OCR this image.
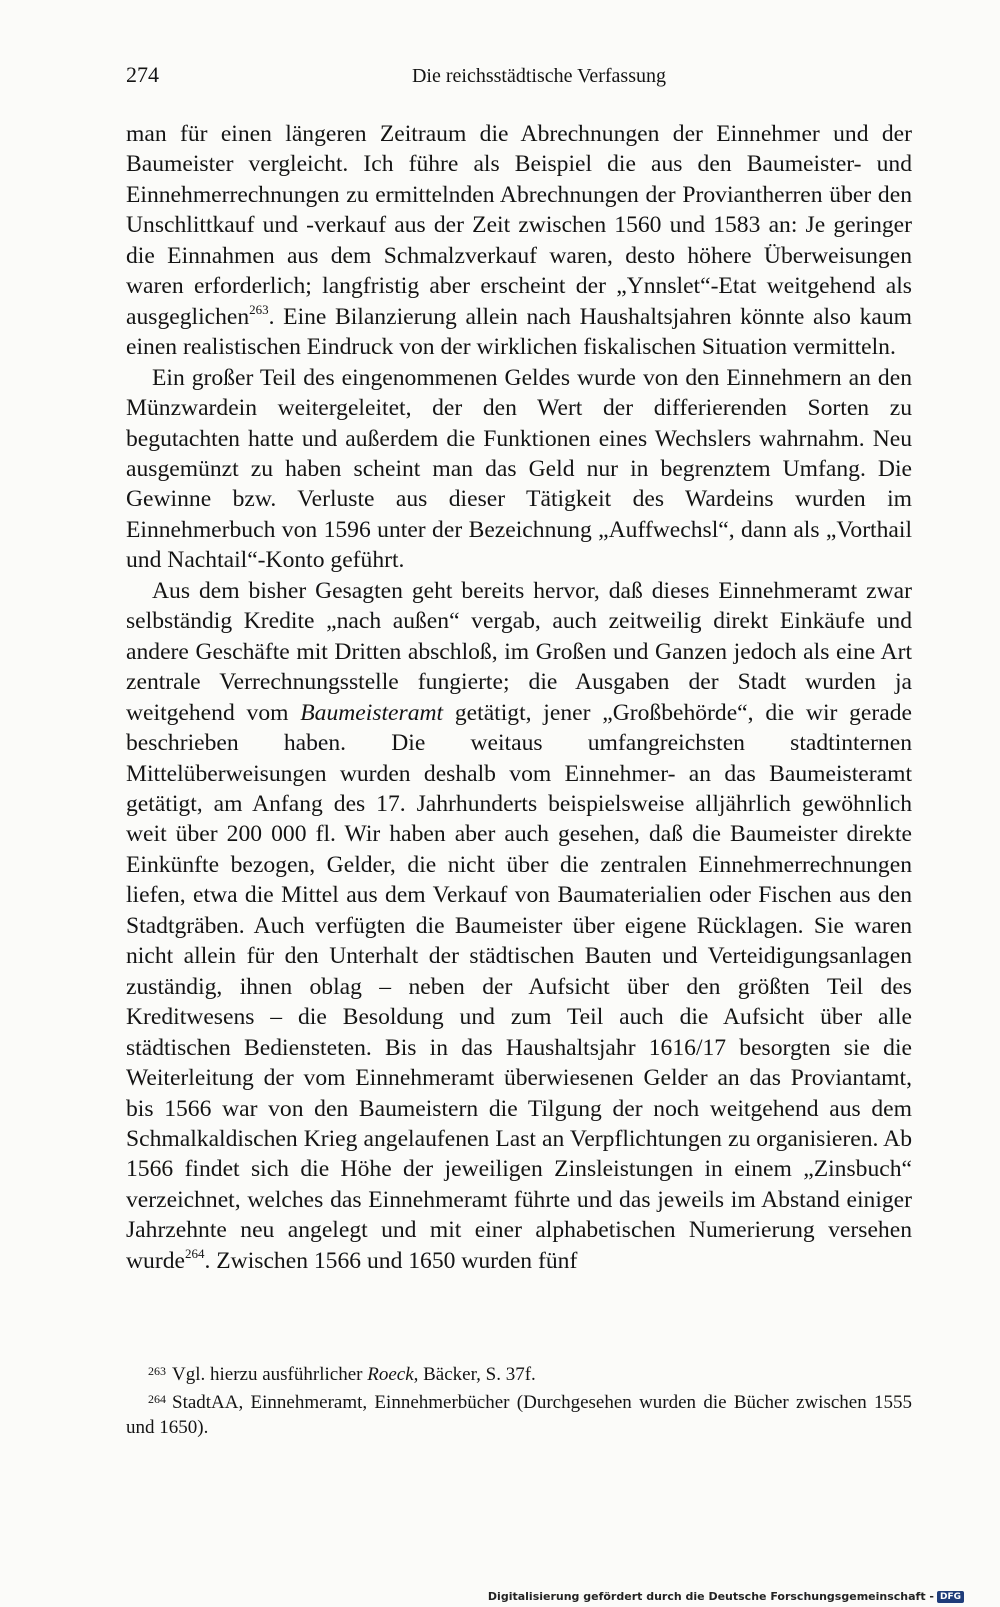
274	Die reichsstädtische Verfassung

man für einen längeren Zeitraum die Abrechnungen der Einnehmer und der Baumeister vergleicht. Ich führe als Beispiel die aus den Baumeister- und Einnehmerrechnungen zu ermittelnden Abrechnungen der Proviantherren über den Unschlittkauf und -verkauf aus der Zeit zwischen 1560 und 1583 an: Je geringer die Einnahmen aus dem Schmalzverkauf waren, desto höhere Überweisungen waren erforderlich; langfristig aber erscheint der „Ynnslet“-Etat weitgehend als ausgeglichen$^{263}$. Eine Bilanzierung allein nach Haushaltsjahren könnte also kaum einen realistischen Eindruck von der wirklichen fiskalischen Situation vermitteln.

Ein großer Teil des eingenommenen Geldes wurde von den Einnehmern an den Münzwardein weitergeleitet, der den Wert der differierenden Sorten zu begutachten hatte und außerdem die Funktionen eines Wechslers wahrnahm. Neu ausgemünzt zu haben scheint man das Geld nur in begrenztem Umfang. Die Gewinne bzw. Verluste aus dieser Tätigkeit des Wardeins wurden im Einnehmerbuch von 1596 unter der Bezeichnung „Auffwechsl“, dann als „Vorthail und Nachtail“-Konto geführt.

Aus dem bisher Gesagten geht bereits hervor, daß dieses Einnehmeramt zwar selbständig Kredite „nach außen“ vergab, auch zeitweilig direkt Einkäufe und andere Geschäfte mit Dritten abschloß, im Großen und Ganzen jedoch als eine Art zentrale Verrechnungsstelle fungierte; die Ausgaben der Stadt wurden ja weitgehend vom Baumeisteramt getätigt, jener „Großbehörde“, die wir gerade beschrieben haben. Die weitaus umfangreichsten stadtinternen Mittelüberweisungen wurden deshalb vom Einnehmer- an das Baumeisteramt getätigt, am Anfang des 17. Jahrhunderts beispielsweise alljährlich gewöhnlich weit über 200 000 fl. Wir haben aber auch gesehen, daß die Baumeister direkte Einkünfte bezogen, Gelder, die nicht über die zentralen Einnehmerrechnungen liefen, etwa die Mittel aus dem Verkauf von Baumaterialien oder Fischen aus den Stadtgräben. Auch verfügten die Baumeister über eigene Rücklagen. Sie waren nicht allein für den Unterhalt der städtischen Bauten und Verteidigungsanlagen zuständig, ihnen oblag – neben der Aufsicht über den größten Teil des Kreditwesens – die Besoldung und zum Teil auch die Aufsicht über alle städtischen Bediensteten. Bis in das Haushaltsjahr 1616/17 besorgten sie die Weiterleitung der vom Einnehmeramt überwiesenen Gelder an das Proviantamt, bis 1566 war von den Baumeistern die Tilgung der noch weitgehend aus dem Schmalkaldischen Krieg angelaufenen Last an Verpflichtungen zu organisieren. Ab 1566 findet sich die Höhe der jeweiligen Zinsleistungen in einem „Zinsbuch“ verzeichnet, welches das Einnehmeramt führte und das jeweils im Abstand einiger Jahrzehnte neu angelegt und mit einer alphabetischen Numerierung versehen wurde$^{264}$. Zwischen 1566 und 1650 wurden fünf

$^{263}$ Vgl. hierzu ausführlicher Roeck, Bäcker, S. 37f.

$^{264}$ StadtAA, Einnehmeramt, Einnehmerbücher (Durchgesehen wurden die Bücher zwischen 1555 und 1650).

Digitalisierung gefördert durch die Deutsche Forschungsgemeinschaft - DFG
